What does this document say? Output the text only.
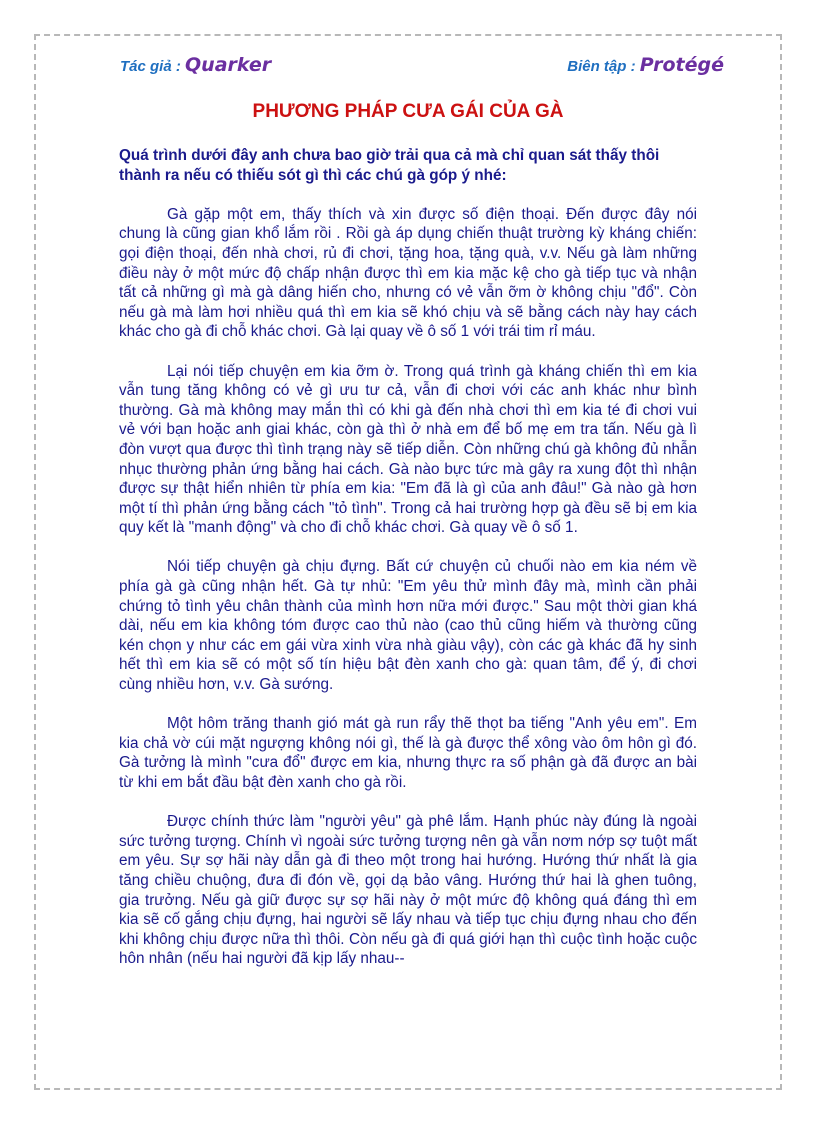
Tác giả : Quarker	Biên tập : Protégé
PHƯƠNG PHÁP CƯA GÁI CỦA GÀ

Quá trình dưới đây anh chưa bao giờ trải qua cả mà chỉ quan sát thấy thôi thành ra nếu có thiếu sót gì thì các chú gà góp ý nhé:

Gà gặp một em, thấy thích và xin được số điện thoại. Đến được đây nói chung là cũng gian khổ lắm rồi . Rồi gà áp dụng chiến thuật trường kỳ kháng chiến: gọi điện thoại, đến nhà chơi, rủ đi chơi, tặng hoa, tặng quà, v.v. Nếu gà làm những điều này ở một mức độ chấp nhận được thì em kia mặc kệ cho gà tiếp tục và nhận tất cả những gì mà gà dâng hiến cho, nhưng có vẻ vẫn ỡm ờ không chịu "đổ". Còn nếu gà mà làm hơi nhiều quá thì em kia sẽ khó chịu và sẽ bằng cách này hay cách khác cho gà đi chỗ khác chơi. Gà lại quay về ô số 1 với trái tim rỉ máu.

Lại nói tiếp chuyện em kia ỡm ờ. Trong quá trình gà kháng chiến thì em kia vẫn tung tăng không có vẻ gì ưu tư cả, vẫn đi chơi với các anh khác như bình thường. Gà mà không may mắn thì có khi gà đến nhà chơi thì em kia té đi chơi vui vẻ với bạn hoặc anh giai khác, còn gà thì ở nhà em để bố mẹ em tra tấn. Nếu gà lì đòn vượt qua được thì tình trạng này sẽ tiếp diễn. Còn những chú gà không đủ nhẫn nhục thường phản ứng bằng hai cách. Gà nào bực tức mà gây ra xung đột thì nhận được sự thật hiển nhiên từ phía em kia: "Em đã là gì của anh đâu!" Gà nào gà hơn một tí thì phản ứng bằng cách "tỏ tình". Trong cả hai trường hợp gà đều sẽ bị em kia quy kết là "manh động" và cho đi chỗ khác chơi. Gà quay về ô số 1.

Nói tiếp chuyện gà chịu đựng. Bất cứ chuyện củ chuối nào em kia ném về phía gà gà cũng nhận hết. Gà tự nhủ: "Em yêu thử mình đây mà, mình cần phải chứng tỏ tình yêu chân thành của mình hơn nữa mới được." Sau một thời gian khá dài, nếu em kia không tóm được cao thủ nào (cao thủ cũng hiếm và thường cũng kén chọn y như các em gái vừa xinh vừa nhà giàu vậy), còn các gà khác đã hy sinh hết thì em kia sẽ có một số tín hiệu bật đèn xanh cho gà: quan tâm, để ý, đi chơi cùng nhiều hơn, v.v. Gà sướng.

Một hôm trăng thanh gió mát gà run rẩy thẽ thọt ba tiếng "Anh yêu em". Em kia chả vờ cúi mặt ngượng không nói gì, thế là gà được thể xông vào ôm hôn gì đó. Gà tưởng là mình "cưa đổ" được em kia, nhưng thực ra số phận gà đã được an bài từ khi em bắt đầu bật đèn xanh cho gà rồi.

Được chính thức làm "người yêu" gà phê lắm. Hạnh phúc này đúng là ngoài sức tưởng tượng. Chính vì ngoài sức tưởng tượng nên gà vẫn nơm nớp sợ tuột mất em yêu. Sự sợ hãi này dẫn gà đi theo một trong hai hướng. Hướng thứ nhất là gia tăng chiều chuộng, đưa đi đón về, gọi dạ bảo vâng. Hướng thứ hai là ghen tuông, gia trưởng. Nếu gà giữ được sự sợ hãi này ở một mức độ không quá đáng thì em kia sẽ cố gắng chịu đựng, hai người sẽ lấy nhau và tiếp tục chịu đựng nhau cho đến khi không chịu được nữa thì thôi. Còn nếu gà đi quá giới hạn thì cuộc tình hoặc cuộc hôn nhân (nếu hai người đã kịp lấy nhau--
